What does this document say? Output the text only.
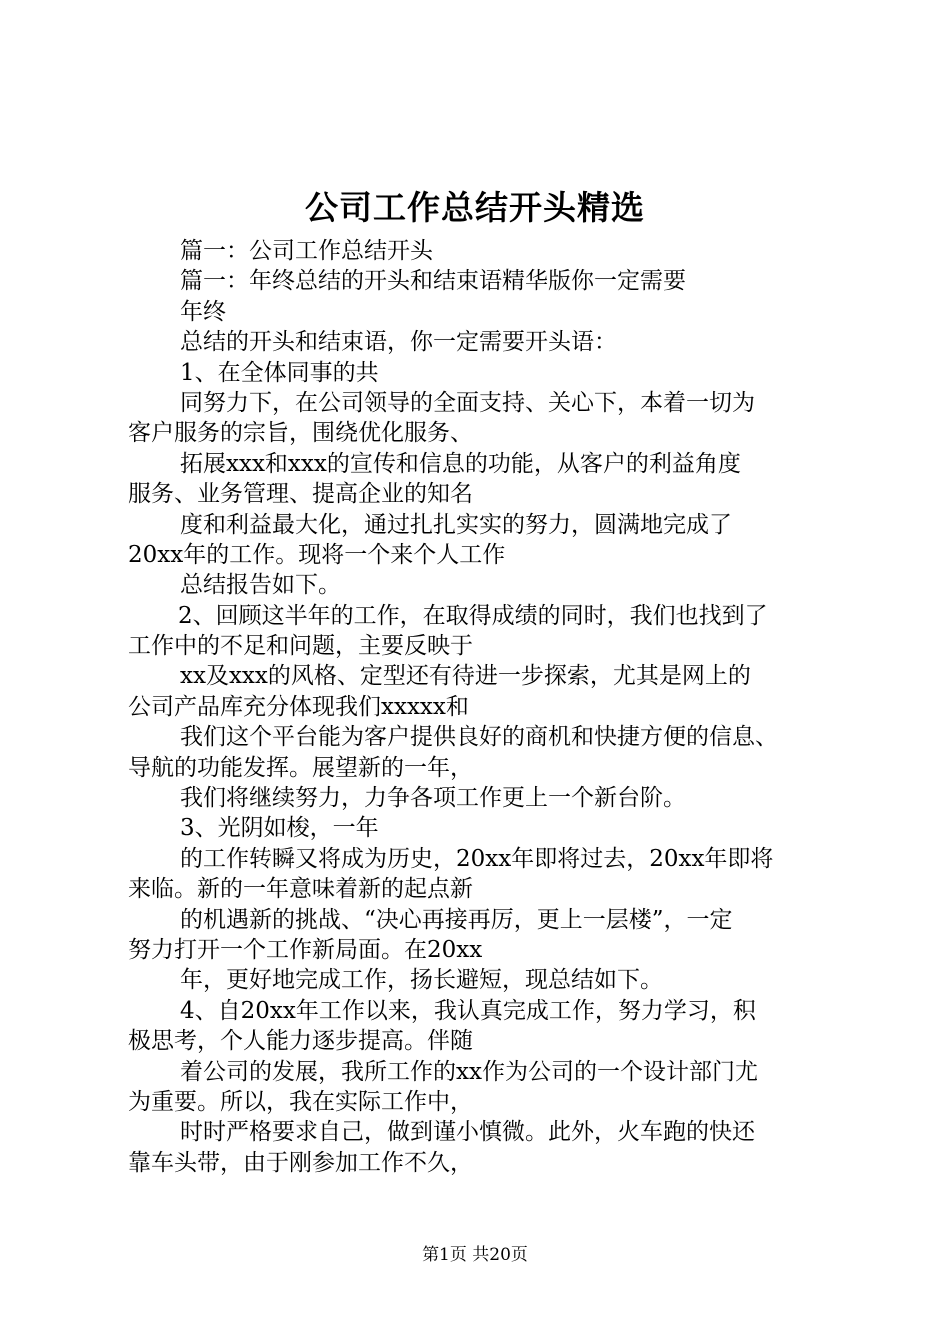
公司工作总结开头精选
篇一：公司工作总结开头
篇一：年终总结的开头和结束语精华版你一定需要
年终
总结的开头和结束语，你一定需要开头语：
1、在全体同事的共
同努力下，在公司领导的全面支持、关心下，本着一切为
客户服务的宗旨，围绕优化服务、
拓展xxx和xxx的宣传和信息的功能，从客户的利益角度
服务、业务管理、提高企业的知名
度和利益最大化，通过扎扎实实的努力，圆满地完成了
20xx年的工作。现将一个来个人工作
总结报告如下。
2、回顾这半年的工作，在取得成绩的同时，我们也找到了
工作中的不足和问题，主要反映于
xx及xxx的风格、定型还有待进一步探索，尤其是网上的
公司产品库充分体现我们xxxxx和
我们这个平台能为客户提供良好的商机和快捷方便的信息、
导航的功能发挥。展望新的一年，
我们将继续努力，力争各项工作更上一个新台阶。
3、光阴如梭，一年
的工作转瞬又将成为历史，20xx年即将过去，20xx年即将
来临。新的一年意味着新的起点新
的机遇新的挑战、“决心再接再厉，更上一层楼”，一定
努力打开一个工作新局面。在20xx
年，更好地完成工作，扬长避短，现总结如下。
4、自20xx年工作以来，我认真完成工作，努力学习，积
极思考，个人能力逐步提高。伴随
着公司的发展，我所工作的xx作为公司的一个设计部门尤
为重要。所以，我在实际工作中，
时时严格要求自己，做到谨小慎微。此外，火车跑的快还
靠车头带，由于刚参加工作不久，
第1页 共20页
